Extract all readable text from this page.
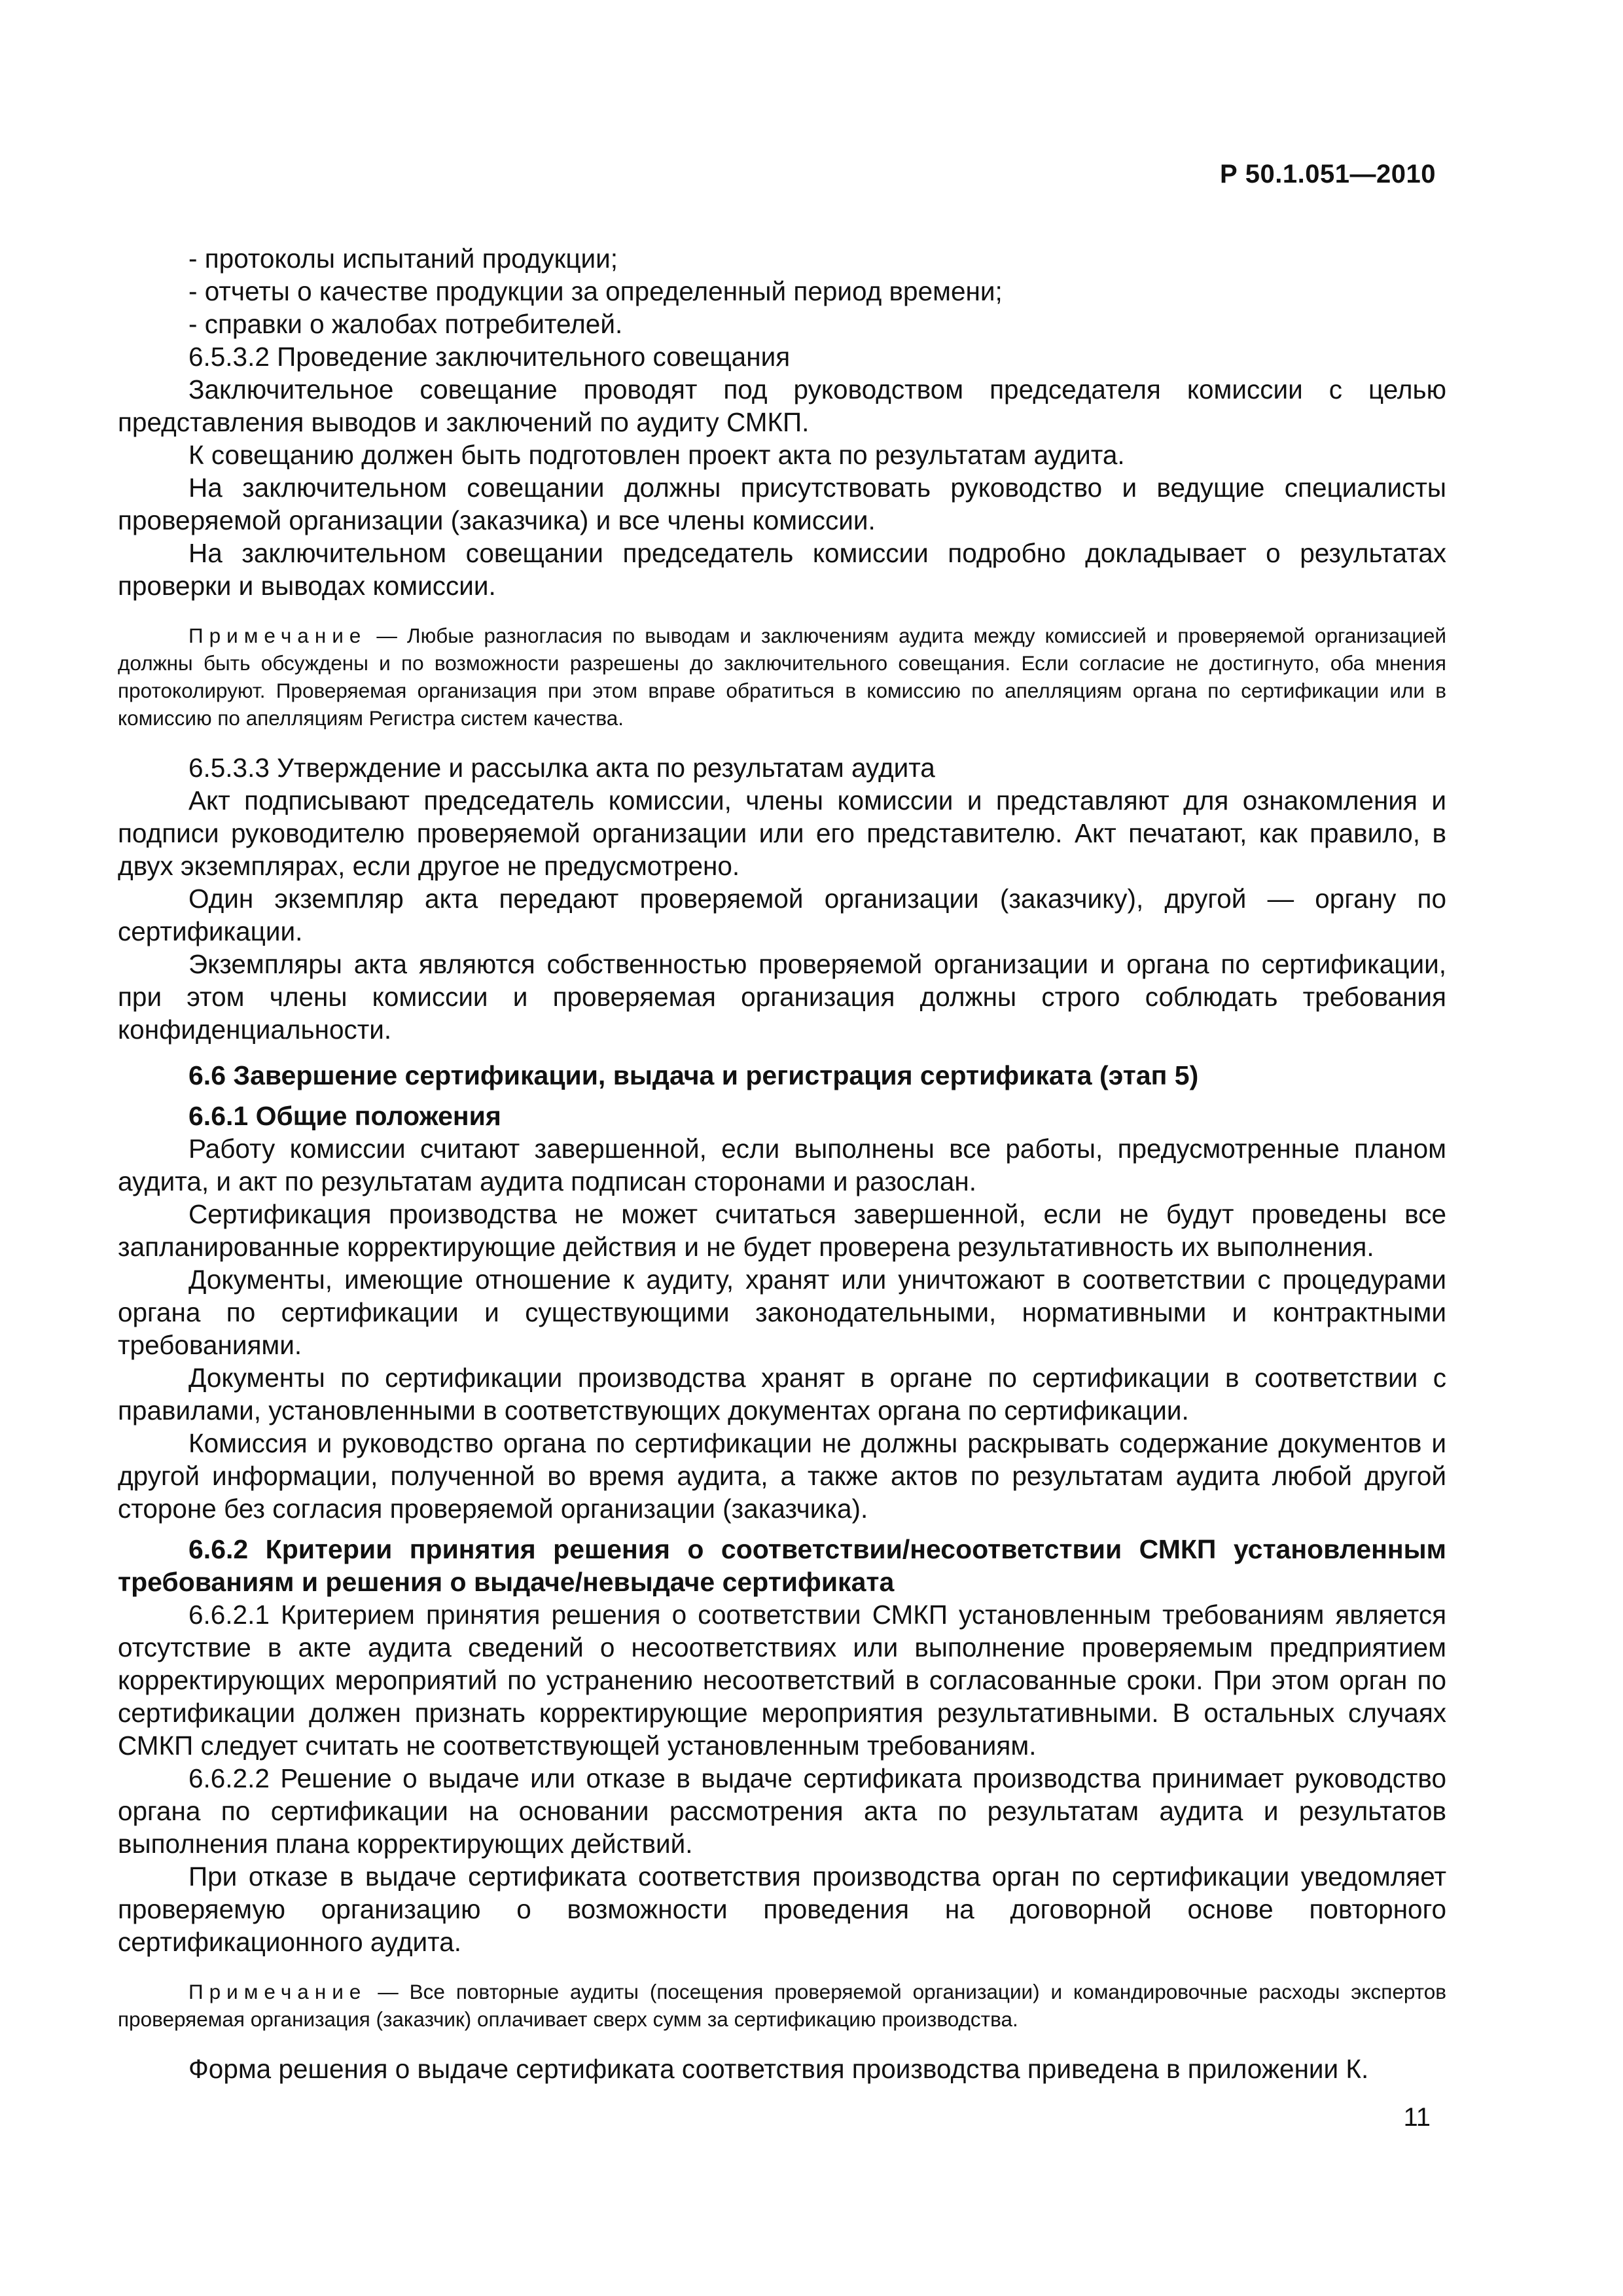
Р 50.1.051—2010

- протоколы испытаний продукции;

- отчеты о качестве продукции за определенный период времени;

- справки о жалобах потребителей.

6.5.3.2 Проведение заключительного совещания

Заключительное совещание проводят под руководством председателя комиссии с целью представления выводов и заключений по аудиту СМКП.

К совещанию должен быть подготовлен проект акта по результатам аудита.

На заключительном совещании должны присутствовать руководство и ведущие специалисты проверяемой организации (заказчика) и все члены комиссии.

На заключительном совещании председатель комиссии подробно докладывает о результатах проверки и выводах комиссии.

Примечание — Любые разногласия по выводам и заключениям аудита между комиссией и проверяемой организацией должны быть обсуждены и по возможности разрешены до заключительного совещания. Если согласие не достигнуто, оба мнения протоколируют. Проверяемая организация при этом вправе обратиться в комиссию по апелляциям органа по сертификации или в комиссию по апелляциям Регистра систем качества.

6.5.3.3 Утверждение и рассылка акта по результатам аудита

Акт подписывают председатель комиссии, члены комиссии и представляют для ознакомления и подписи руководителю проверяемой организации или его представителю. Акт печатают, как правило, в двух экземплярах, если другое не предусмотрено.

Один экземпляр акта передают проверяемой организации (заказчику), другой — органу по сертификации.

Экземпляры акта являются собственностью проверяемой организации и органа по сертификации, при этом члены комиссии и проверяемая организация должны строго соблюдать требования конфиденциальности.

6.6 Завершение сертификации, выдача и регистрация сертификата (этап 5)

6.6.1 Общие положения

Работу комиссии считают завершенной, если выполнены все работы, предусмотренные планом аудита, и акт по результатам аудита подписан сторонами и разослан.

Сертификация производства не может считаться завершенной, если не будут проведены все запланированные корректирующие действия и не будет проверена результативность их выполнения.

Документы, имеющие отношение к аудиту, хранят или уничтожают в соответствии с процедурами органа по сертификации и существующими законодательными, нормативными и контрактными требованиями.

Документы по сертификации производства хранят в органе по сертификации в соответствии с правилами, установленными в соответствующих документах органа по сертификации.

Комиссия и руководство органа по сертификации не должны раскрывать содержание документов и другой информации, полученной во время аудита, а также актов по результатам аудита любой другой стороне без согласия проверяемой организации (заказчика).

6.6.2 Критерии принятия решения о соответствии/несоответствии СМКП установленным требованиям и решения о выдаче/невыдаче сертификата

6.6.2.1 Критерием принятия решения о соответствии СМКП установленным требованиям является отсутствие в акте аудита сведений о несоответствиях или выполнение проверяемым предприятием корректирующих мероприятий по устранению несоответствий в согласованные сроки. При этом орган по сертификации должен признать корректирующие мероприятия результативными. В остальных случаях СМКП следует считать не соответствующей установленным требованиям.

6.6.2.2 Решение о выдаче или отказе в выдаче сертификата производства принимает руководство органа по сертификации на основании рассмотрения акта по результатам аудита и результатов выполнения плана корректирующих действий.

При отказе в выдаче сертификата соответствия производства орган по сертификации уведомляет проверяемую организацию о возможности проведения на договорной основе повторного сертификационного аудита.

Примечание — Все повторные аудиты (посещения проверяемой организации) и командировочные расходы экспертов проверяемая организация (заказчик) оплачивает сверх сумм за сертификацию производства.

Форма решения о выдаче сертификата соответствия производства приведена в приложении К.

11
